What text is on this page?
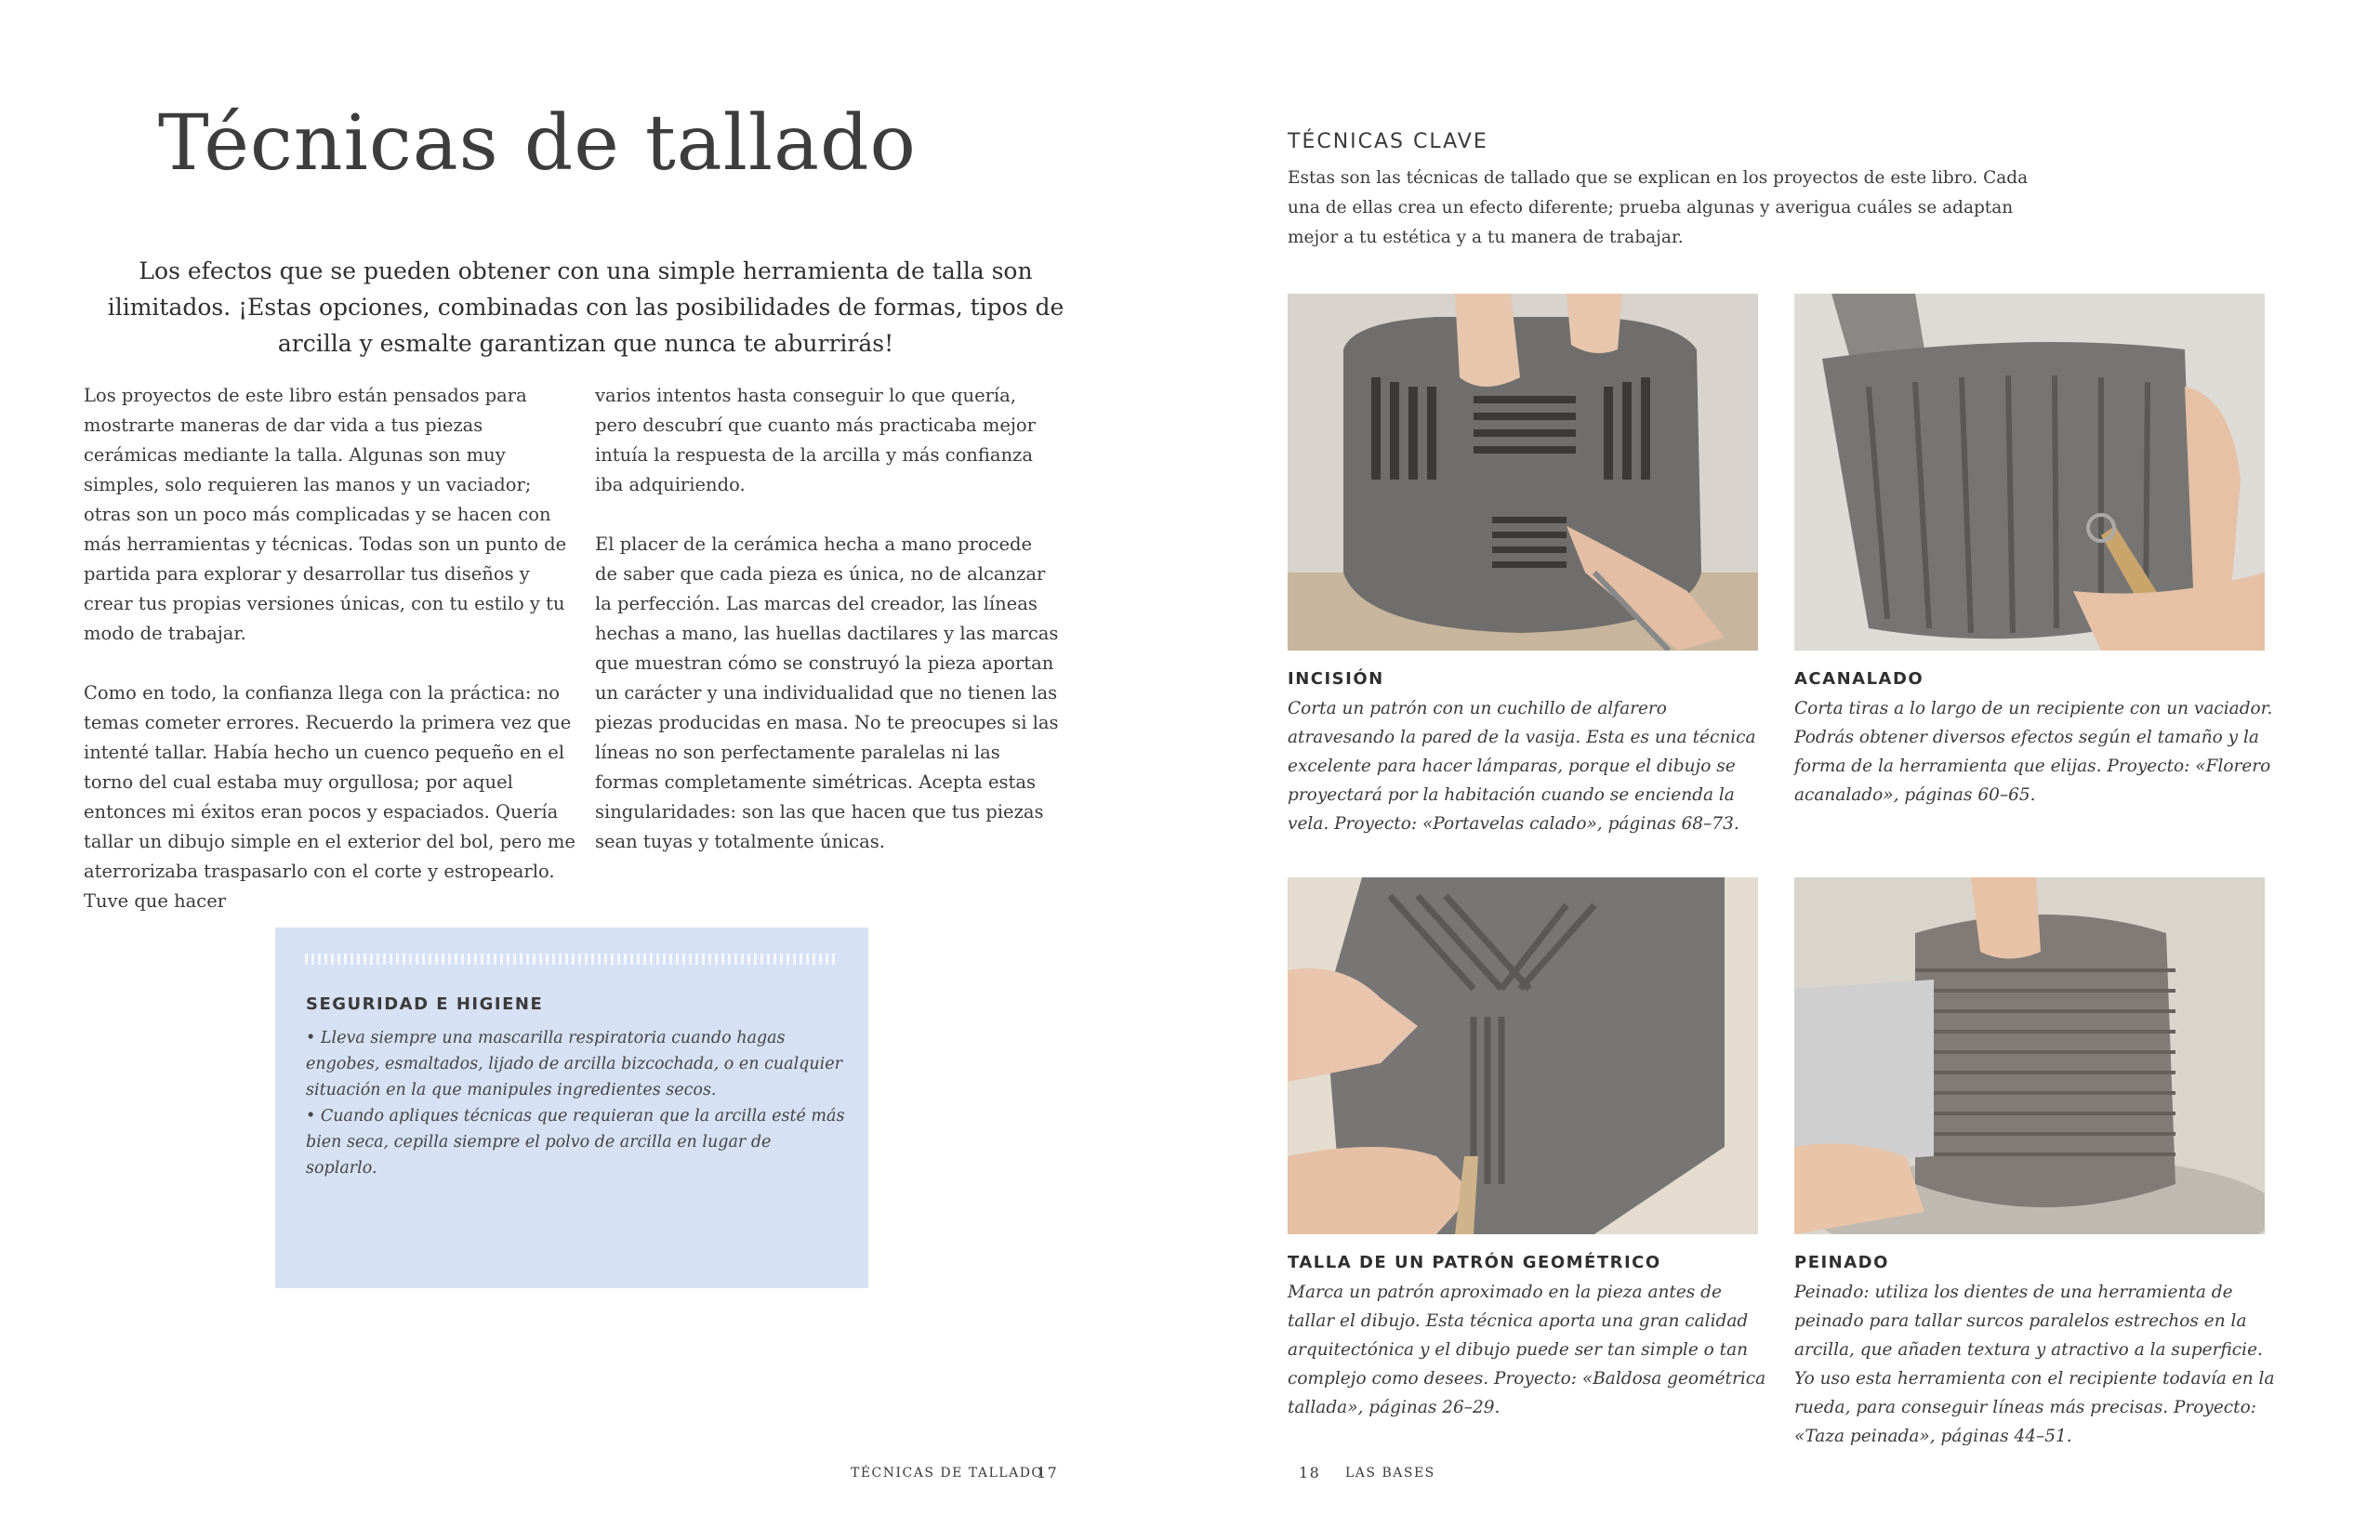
Técnicas de tallado
Los efectos que se pueden obtener con una simple herramienta de talla son ilimitados. ¡Estas opciones, combinadas con las posibilidades de formas, tipos de arcilla y esmalte garantizan que nunca te aburrirás!

Los proyectos de este libro están pensados para mostrarte maneras de dar vida a tus piezas cerámicas mediante la talla. Algunas son muy simples, solo requieren las manos y un vaciador; otras son un poco más complicadas y se hacen con más herramientas y técnicas. Todas son un punto de partida para explorar y desarrollar tus diseños y crear tus propias versiones únicas, con tu estilo y tu modo de trabajar.

Como en todo, la confianza llega con la práctica: no temas cometer errores. Recuerdo la primera vez que intenté tallar. Había hecho un cuenco pequeño en el torno del cual estaba muy orgullosa; por aquel entonces mi éxitos eran pocos y espaciados. Quería tallar un dibujo simple en el exterior del bol, pero me aterrorizaba traspasarlo con el corte y estropearlo. Tuve que hacer

varios intentos hasta conseguir lo que quería, pero descubrí que cuanto más practicaba mejor intuía la respuesta de la arcilla y más confianza iba adquiriendo.

El placer de la cerámica hecha a mano procede de saber que cada pieza es única, no de alcanzar la perfección. Las marcas del creador, las líneas hechas a mano, las huellas dactilares y las marcas que muestran cómo se construyó la pieza aportan un carácter y una individualidad que no tienen las piezas producidas en masa. No te preocupes si las líneas no son perfectamente paralelas ni las formas completamente simétricas. Acepta estas singularidades: son las que hacen que tus piezas sean tuyas y totalmente únicas.

SEGURIDAD E HIGIENE
• Lleva siempre una mascarilla respiratoria cuando hagas engobes, esmaltados, lijado de arcilla bizcochada, o en cualquier situación en la que manipules ingredientes secos.
• Cuando apliques técnicas que requieran que la arcilla esté más bien seca, cepilla siempre el polvo de arcilla en lugar de soplarlo.
TÉCNICAS DE TALLADO
17
TÉCNICAS CLAVE
Estas son las técnicas de tallado que se explican en los proyectos de este libro. Cada una de ellas crea un efecto diferente; prueba algunas y averigua cuáles se adaptan mejor a tu estética y a tu manera de trabajar.
INCISIÓN
Corta un patrón con un cuchillo de alfarero atravesando la pared de la vasija. Esta es una técnica excelente para hacer lámparas, porque el dibujo se proyectará por la habitación cuando se encienda la vela. Proyecto: «Portavelas calado», páginas 68–73.
ACANALADO
Corta tiras a lo largo de un recipiente con un vaciador. Podrás obtener diversos efectos según el tamaño y la forma de la herramienta que elijas. Proyecto: «Florero acanalado», páginas 60–65.
TALLA DE UN PATRÓN GEOMÉTRICO
Marca un patrón aproximado en la pieza antes de tallar el dibujo. Esta técnica aporta una gran calidad arquitectónica y el dibujo puede ser tan simple o tan complejo como desees. Proyecto: «Baldosa geométrica tallada», páginas 26–29.
PEINADO
Peinado: utiliza los dientes de una herramienta de peinado para tallar surcos paralelos estrechos en la arcilla, que añaden textura y atractivo a la superficie. Yo uso esta herramienta con el recipiente todavía en la rueda, para conseguir líneas más precisas. Proyecto: «Taza peinada», páginas 44–51.
18 LAS BASES
